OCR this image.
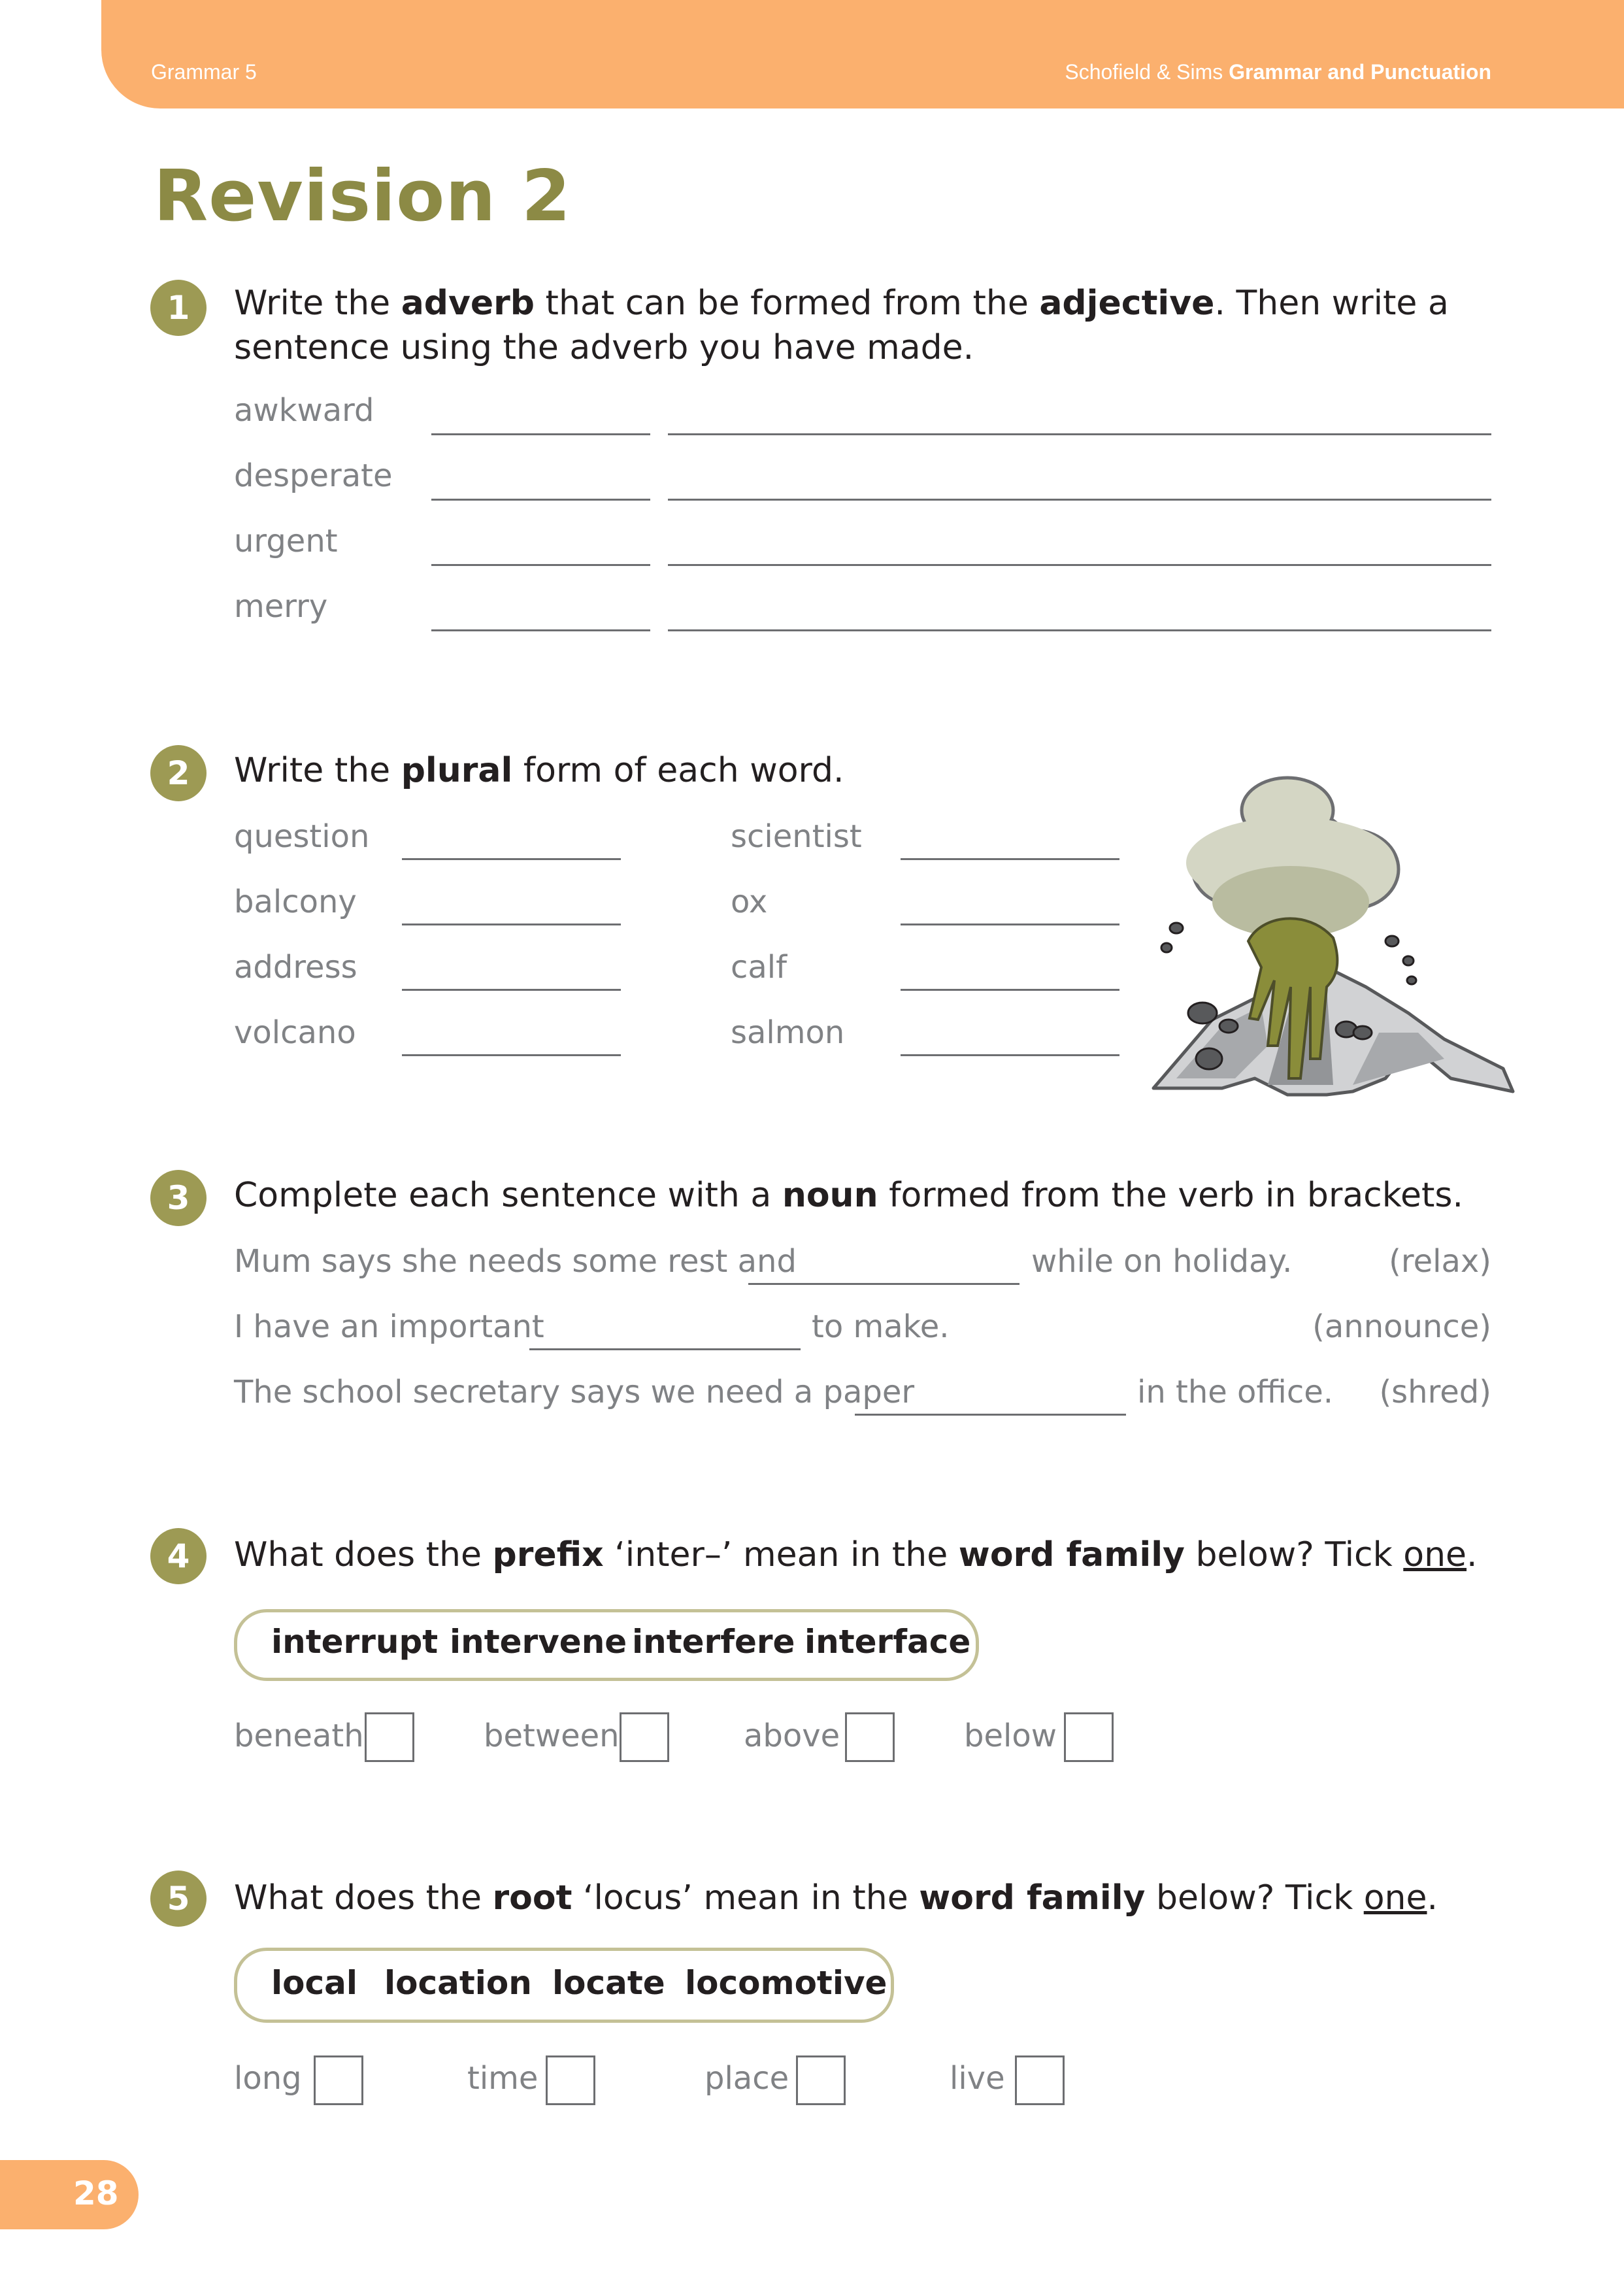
Grammar 5	Schofield & Sims Grammar and Punctuation
Revision 2
1	Write the adverb that can be formed from the adjective. Then write a
sentence using the adverb you have made.
awkward
desperate
urgent
merry
2	Write the plural form of each word.
question	scientist
balcony	ox
address	calf
volcano	salmon
3	Complete each sentence with a noun formed from the verb in brackets.
Mum says she needs some rest and	while on holiday.	(relax)
I have an important	to make.	(announce)
The school secretary says we need a paper	in the office. (shred)
4	What does the prefix ‘inter–’ mean in the word family below? Tick one.
interrupt intervene interfere interface
beneath	between	above	below
5	What does the root ‘locus’ mean in the word family below? Tick one.
local location locate locomotive
long	time	place	live
28
